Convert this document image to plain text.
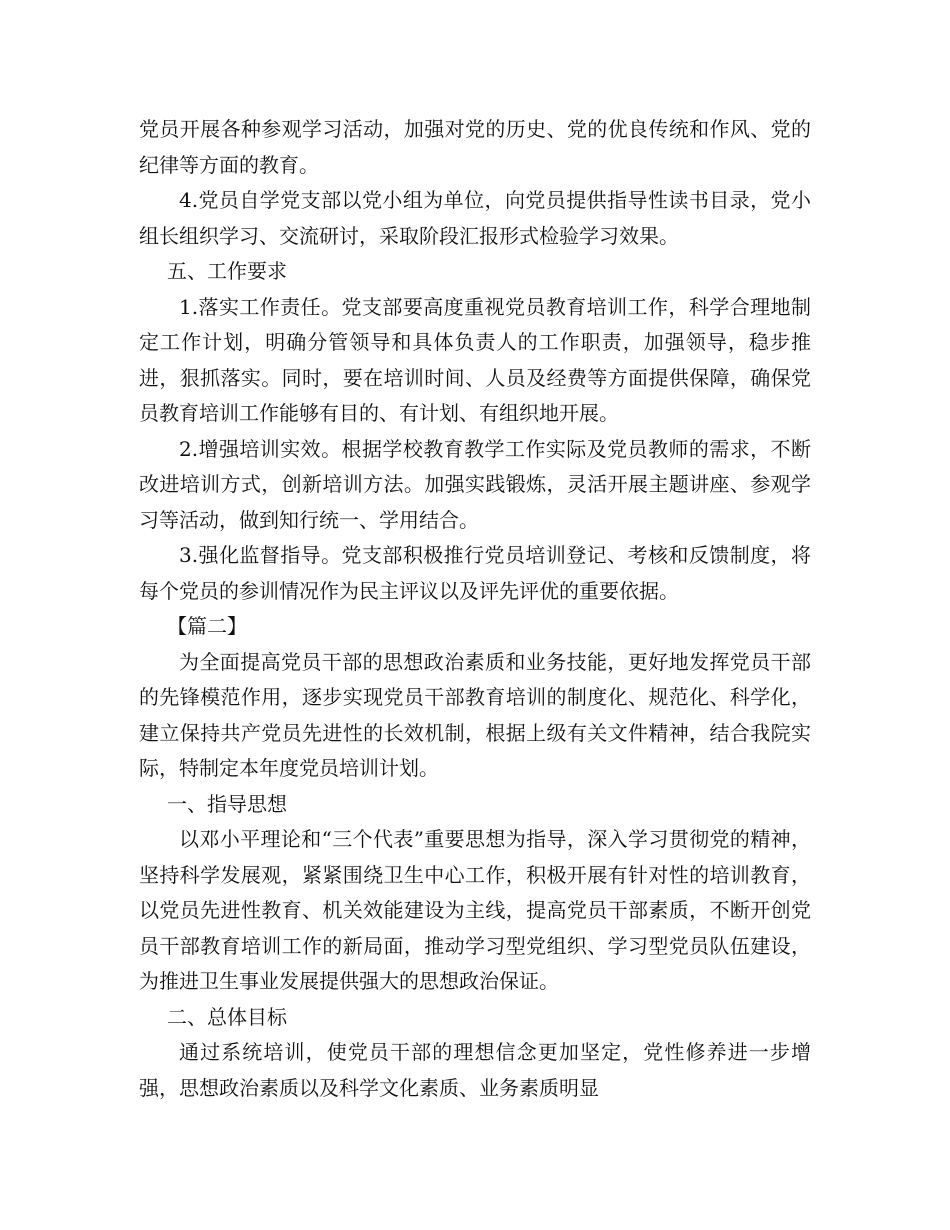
党员开展各种参观学习活动，加强对党的历史、党的优良传统和作风、党的纪律等方面的教育。

4.党员自学党支部以党小组为单位，向党员提供指导性读书目录，党小组长组织学习、交流研讨，采取阶段汇报形式检验学习效果。

五、工作要求

1.落实工作责任。党支部要高度重视党员教育培训工作，科学合理地制定工作计划，明确分管领导和具体负责人的工作职责，加强领导，稳步推进，狠抓落实。同时，要在培训时间、人员及经费等方面提供保障，确保党员教育培训工作能够有目的、有计划、有组织地开展。

2.增强培训实效。根据学校教育教学工作实际及党员教师的需求，不断改进培训方式，创新培训方法。加强实践锻炼，灵活开展主题讲座、参观学习等活动，做到知行统一、学用结合。

3.强化监督指导。党支部积极推行党员培训登记、考核和反馈制度，将每个党员的参训情况作为民主评议以及评先评优的重要依据。

【篇二】

为全面提高党员干部的思想政治素质和业务技能，更好地发挥党员干部的先锋模范作用，逐步实现党员干部教育培训的制度化、规范化、科学化，建立保持共产党员先进性的长效机制，根据上级有关文件精神，结合我院实际，特制定本年度党员培训计划。

一、指导思想

以邓小平理论和“三个代表”重要思想为指导，深入学习贯彻党的精神，坚持科学发展观，紧紧围绕卫生中心工作，积极开展有针对性的培训教育，以党员先进性教育、机关效能建设为主线，提高党员干部素质，不断开创党员干部教育培训工作的新局面，推动学习型党组织、学习型党员队伍建设，为推进卫生事业发展提供强大的思想政治保证。

二、总体目标

通过系统培训，使党员干部的理想信念更加坚定，党性修养进一步增强，思想政治素质以及科学文化素质、业务素质明显
